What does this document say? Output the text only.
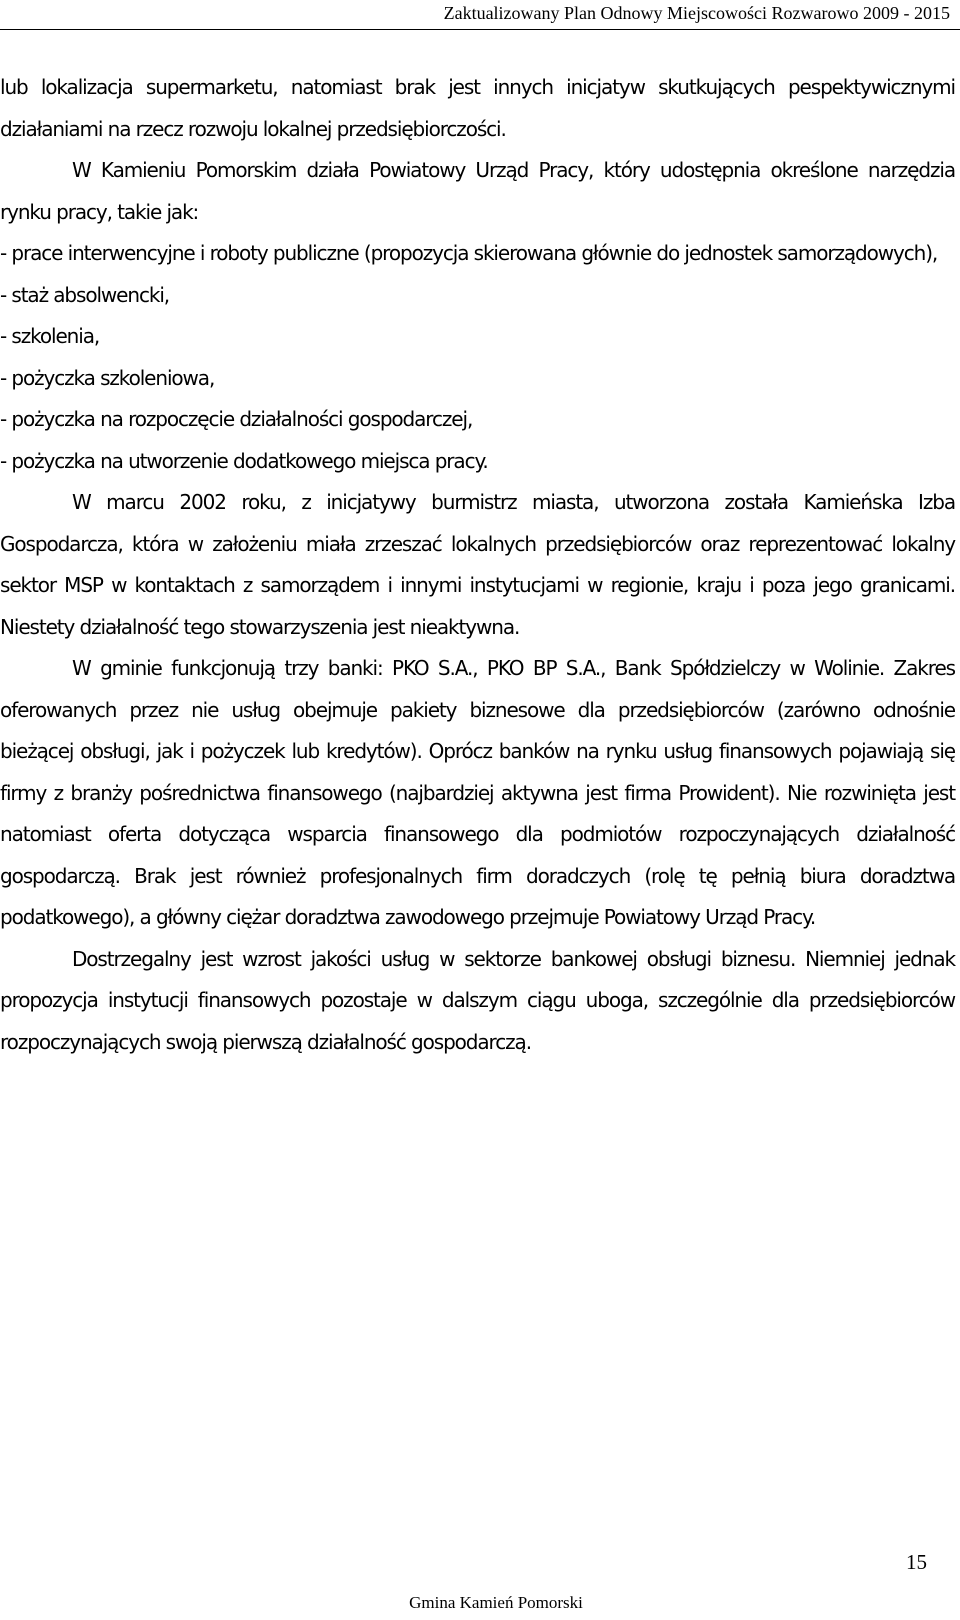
Zaktualizowany Plan Odnowy Miejscowości Rozwarowo 2009 - 2015

lub lokalizacja supermarketu, natomiast brak jest innych inicjatyw skutkujących pespektywicznymi działaniami na rzecz rozwoju lokalnej przedsiębiorczości.

W Kamieniu Pomorskim działa Powiatowy Urząd Pracy, który udostępnia określone narzędzia rynku pracy, takie jak:

- prace interwencyjne i roboty publiczne (propozycja skierowana głównie do jednostek samorządowych),

- staż absolwencki,

- szkolenia,

- pożyczka szkoleniowa,

- pożyczka na rozpoczęcie działalności gospodarczej,

- pożyczka na utworzenie dodatkowego miejsca pracy.

W marcu 2002 roku, z inicjatywy burmistrz miasta, utworzona została Kamieńska Izba Gospodarcza, która w założeniu miała zrzeszać lokalnych przedsiębiorców oraz reprezentować lokalny sektor MSP w kontaktach z samorządem i innymi instytucjami w regionie, kraju i poza jego granicami. Niestety działalność tego stowarzyszenia jest nieaktywna.

W gminie funkcjonują trzy banki: PKO S.A., PKO BP S.A., Bank Spółdzielczy w Wolinie. Zakres oferowanych przez nie usług obejmuje pakiety biznesowe dla przedsiębiorców (zarówno odnośnie bieżącej obsługi, jak i pożyczek lub kredytów). Oprócz banków na rynku usług finansowych pojawiają się firmy z branży pośrednictwa finansowego (najbardziej aktywna jest firma Prowident). Nie rozwinięta jest natomiast oferta dotycząca wsparcia finansowego dla podmiotów rozpoczynających działalność gospodarczą. Brak jest również profesjonalnych firm doradczych (rolę tę pełnią biura doradztwa podatkowego), a główny ciężar doradztwa zawodowego przejmuje Powiatowy Urząd Pracy.

Dostrzegalny jest wzrost jakości usług w sektorze bankowej obsługi biznesu. Niemniej jednak propozycja instytucji finansowych pozostaje w dalszym ciągu uboga, szczególnie dla przedsiębiorców rozpoczynających swoją pierwszą działalność gospodarczą.

15
Gmina Kamień Pomorski
